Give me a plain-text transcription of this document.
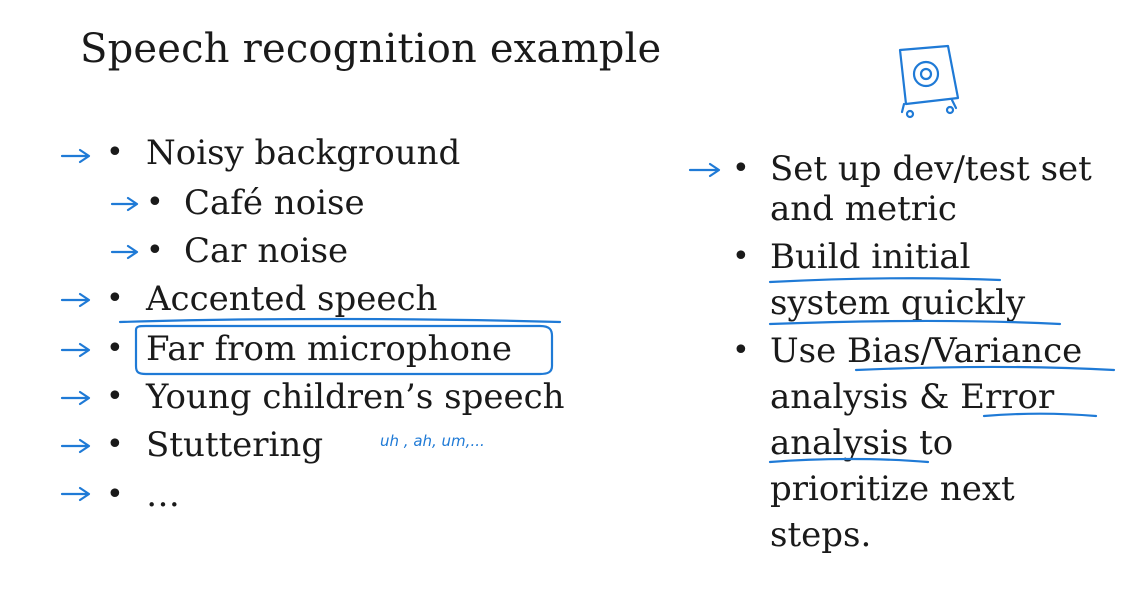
Speech recognition example
• Noisy background
• Café noise
• Car noise
• Accented speech
• Far from microphone
• Young children’s speech
• Stuttering
• …
uh , ah, um,...
• Set up dev/test set
and metric
• Build initial
system quickly
• Use Bias/Variance
analysis & Error
analysis to
prioritize next
steps.
